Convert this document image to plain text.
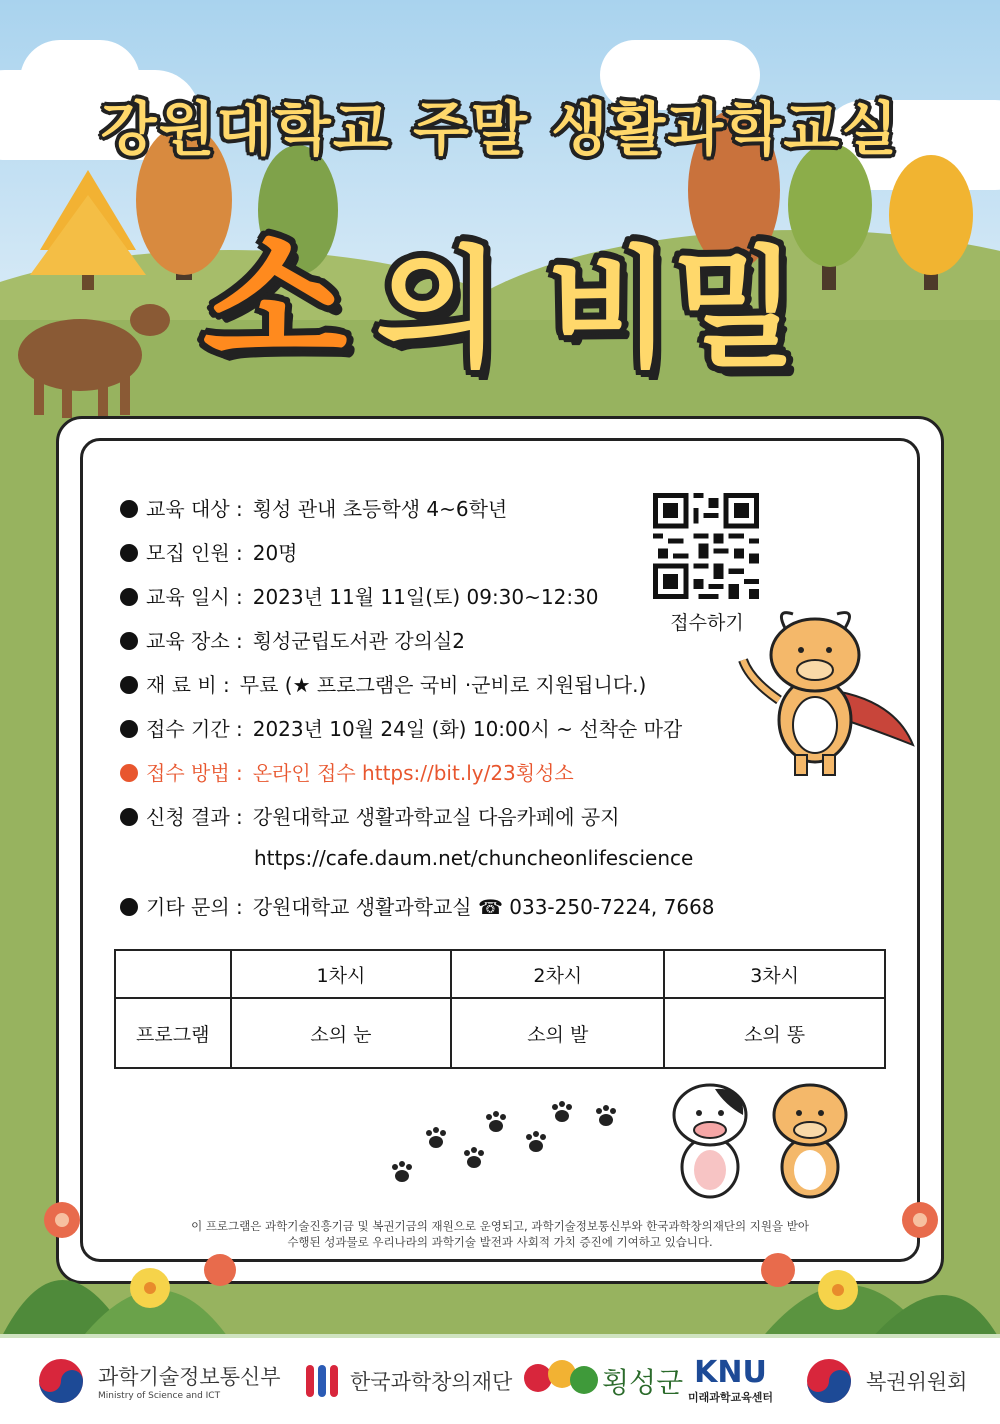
강원대학교 주말 생활과학교실
소 의 비밀
교육 대상 : 횡성 관내 초등학생 4~6학년
모집 인원 : 20명
교육 일시 : 2023년 11월 11일(토) 09:30~12:30
교육 장소 : 횡성군립도서관 강의실2
재 료 비 : 무료 (★ 프로그램은 국비 ·군비로 지원됩니다.)
접수 기간 :2023년 10월 24일 (화) 10:00시 ~ 선착순 마감
접수 방법 : 온라인 접수 https://bit.ly/23횡성소
신청 결과 : 강원대학교 생활과학교실 다음카페에 공지
https://cafe.daum.net/chuncheonlifescience
기타 문의 : 강원대학교 생활과학교실 ☎ 033-250-7224, 7668
접수하기
	1차시	2차시	3차시
프로그램	소의 눈	소의 발	소의 똥
이 프로그램은 과학기술진흥기금 및 복권기금의 재원으로 운영되고, 과학기술정보통신부와 한국과학창의재단의 지원을 받아
수행된 성과물로 우리나라의 과학기술 발전과 사회적 가치 증진에 기여하고 있습니다.
과학기술정보통신부
Ministry of Science and ICT
한국과학창의재단	횡성군 KNU
미래과학교육센터
복권위원회
